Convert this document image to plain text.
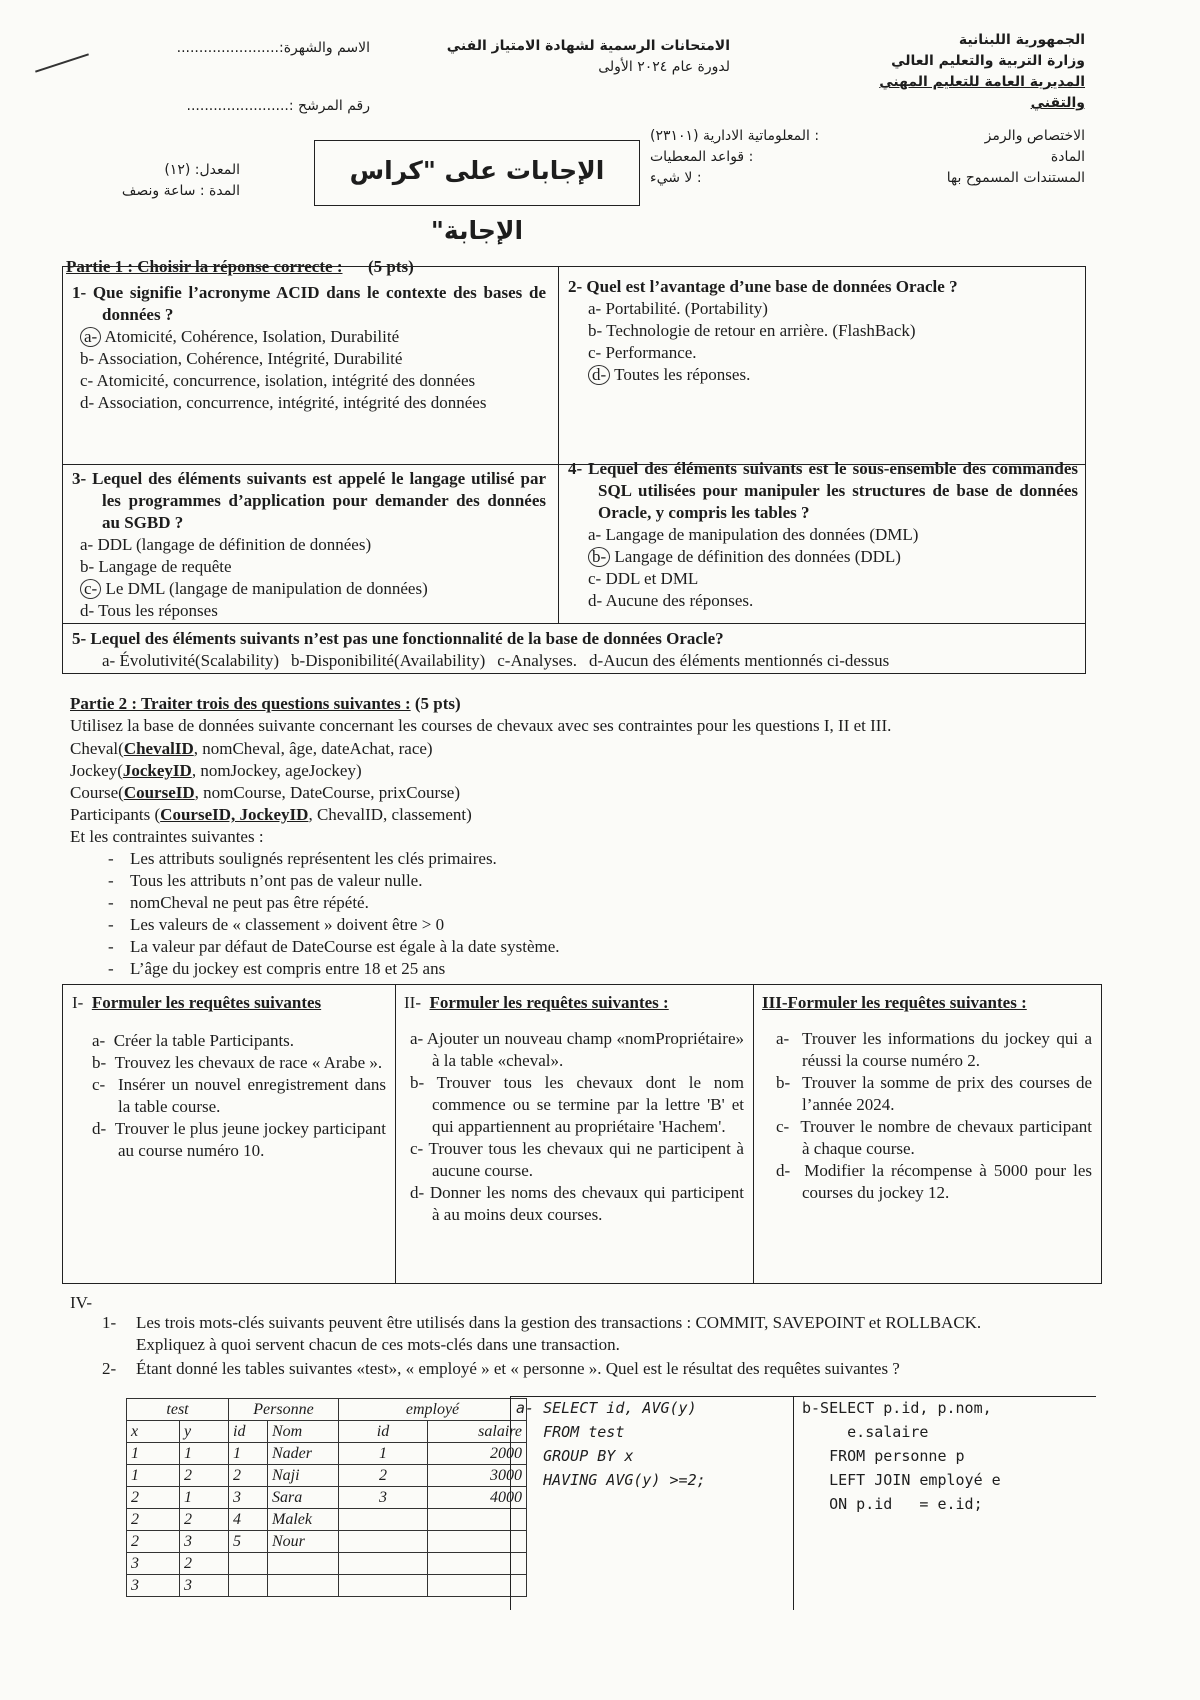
الاسم والشهرة:.......................
رقم المرشح :.......................
الامتحانات الرسمية لشهادة الامتياز الفني
لدورة عام ٢٠٢٤ الأولى
الجمهورية اللبنانية
وزارة التربية والتعليم العالي
المديرية العامة للتعليم المهني والتقني
الاختصاص والرمز
: المعلوماتية الادارية (٢٣١٠١)
المادة
: قواعد المعطيات
المستندات المسموح بها
: لا شيء
الإجابات على "كراس الإجابة"
المعدل: (١٢)
المدة : ساعة ونصف
Partie 1 : Choisir la réponse correcte : (5 pts)

1- Que signifie l’acronyme ACID dans le contexte des bases de données ?

a- Atomicité, Cohérence, Isolation, Durabilité

b- Association, Cohérence, Intégrité, Durabilité

c- Atomicité, concurrence, isolation, intégrité des données

d- Association, concurrence, intégrité, intégrité des données

2- Quel est l’avantage d’une base de données Oracle ?

a- Portabilité. (Portability)

b- Technologie de retour en arrière. (FlashBack)

c- Performance.

d- Toutes les réponses.

3- Lequel des éléments suivants est appelé le langage utilisé par les programmes d’application pour demander des données au SGBD ?

a- DDL (langage de définition de données)

b- Langage de requête

c- Le DML (langage de manipulation de données)

d- Tous les réponses

4- Lequel des éléments suivants est le sous-ensemble des commandes SQL utilisées pour manipuler les structures de base de données Oracle, y compris les tables ?

a- Langage de manipulation des données (DML)

b- Langage de définition des données (DDL)

c- DDL et DML

d- Aucune des réponses.

5- Lequel des éléments suivants n’est pas une fonctionnalité de la base de données Oracle?

a- Évolutivité(Scalability) b-Disponibilité(Availability) c-Analyses. d-Aucun des éléments mentionnés ci-dessus
Partie 2 : Traiter trois des questions suivantes : (5 pts)
Utilisez la base de données suivante concernant les courses de chevaux avec ses contraintes pour les questions I, II et III.
Cheval(ChevalID, nomCheval, âge, dateAchat, race)
Jockey(JockeyID, nomJockey, ageJockey)
Course(CourseID, nomCourse, DateCourse, prixCourse)
Participants (CourseID, JockeyID, ChevalID, classement)
Et les contraintes suivantes :

- Les attributs soulignés représentent les clés primaires.

- Tous les attributs n’ont pas de valeur nulle.

- nomCheval ne peut pas être répété.

- Les valeurs de « classement » doivent être > 0

- La valeur par défaut de DateCourse est égale à la date système.

- L’âge du jockey est compris entre 18 et 25 ans

I- Formuler les requêtes suivantes

a- Créer la table Participants.

b- Trouvez les chevaux de race « Arabe ».

c- Insérer un nouvel enregistrement dans la table course.

d- Trouver le plus jeune jockey participant au course numéro 10.

II- Formuler les requêtes suivantes :

a- Ajouter un nouveau champ «nomPropriétaire» à la table «cheval».

b- Trouver tous les chevaux dont le nom commence ou se termine par la lettre 'B' et qui appartiennent au propriétaire 'Hachem'.

c- Trouver tous les chevaux qui ne participent à aucune course.

d- Donner les noms des chevaux qui participent à au moins deux courses.

III-Formuler les requêtes suivantes :

a- Trouver les informations du jockey qui a réussi la course numéro 2.

b- Trouver la somme de prix des courses de l’année 2024.

c- Trouver le nombre de chevaux participant à chaque course.

d- Modifier la récompense à 5000 pour les courses du jockey 12.

IV-
1-	Les trois mots-clés suivants peuvent être utilisés dans la gestion des transactions : COMMIT, SAVEPOINT et ROLLBACK. Expliquez à quoi servent chacun de ces mots-clés dans une transaction.
2-	Étant donné les tables suivantes «test», « employé » et « personne ». Quel est le résultat des requêtes suivantes ?
test		Personne		employé	
x	y	id	Nom	id	salaire
1	1	1	Nader	1	2000
1	2	2	Naji	2	3000
2	1	3	Sara	3	4000
2	2	4	Malek		
2	3	5	Nour		
3	2				
3	3				
a- SELECT id, AVG(y)
FROM test
GROUP BY x
HAVING AVG(y) >=2;
b-SELECT p.id, p.nom,
e.salaire
FROM personne p
LEFT JOIN employé e
ON p.id   = e.id;
